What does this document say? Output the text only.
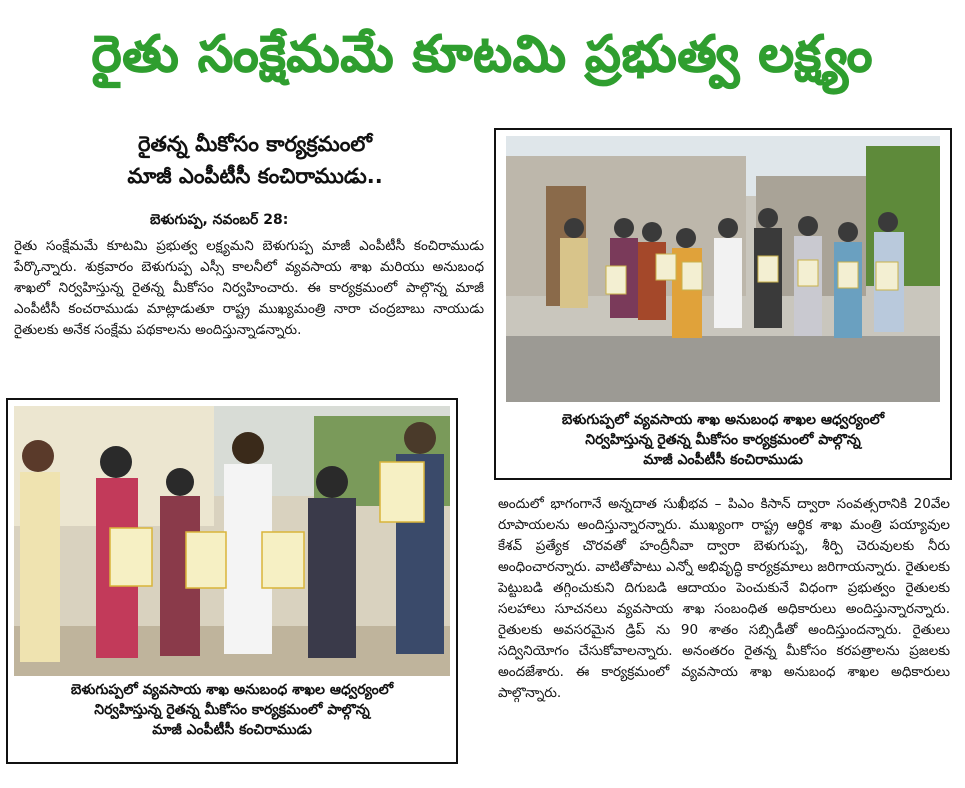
రైతు సంక్షేమమే కూటమి ప్రభుత్వ లక్ష్యం
రైతన్న మీకోసం కార్యక్రమంలో
మాజీ ఎంపీటీసీ కంచిరాముడు..
బెళుగుప్ప, నవంబర్ 28:
రైతు సంక్షేమమే కూటమి ప్రభుత్వ లక్ష్యమని బెళుగుప్ప మాజీ ఎంపీటీసీ కంచిరాముడు పేర్కొన్నారు. శుక్రవారం బెళుగుప్ప ఎస్సీ కాలనీలో వ్యవసాయ శాఖ మరియు అనుబంధ శాఖలో నిర్వహిస్తున్న రైతన్న మీకోసం నిర్వహించారు. ఈ కార్యక్రమంలో పాల్గొన్న మాజీ ఎంపీటీసీ కంచరాముడు మాట్లాడుతూ రాష్ట్ర ముఖ్యమంత్రి నారా చంద్రబాబు నాయుడు రైతులకు అనేక సంక్షేమ పథకాలను అందిస్తున్నాడన్నారు.
బెళుగుప్పలో వ్యవసాయ శాఖ అనుబంధ శాఖల ఆధ్వర్యంలో
నిర్వహిస్తున్న రైతన్న మీకోసం కార్యక్రమంలో పాల్గొన్న
మాజీ ఎంపీటీసీ కంచిరాముడు
అందులో భాగంగానే అన్నదాత సుఖీభవ – పిఎం కిసాన్ ద్వారా సంవత్సరానికి 20వేల రూపాయలను అందిస్తున్నారన్నారు. ముఖ్యంగా రాష్ట్ర ఆర్థిక శాఖ మంత్రి పయ్యావుల కేశవ్ ప్రత్యేక చొరవతో హంద్రీనీవా ద్వారా బెళుగుప్ప, శీర్పి చెరువులకు నీరు అంధించారన్నారు. వాటితోపాటు ఎన్నో అభివృద్ధి కార్యక్రమాలు జరిగాయన్నారు. రైతులకు పెట్టుబడి తగ్గించుకుని దిగుబడి ఆదాయం పెంచుకునే విధంగా ప్రభుత్వం రైతులకు సలహాలు సూచనలు వ్యవసాయ శాఖ సంబంధిత అధికారులు అందిస్తున్నారన్నారు. రైతులకు అవసరమైన డ్రిప్ ను 90 శాతం సబ్సిడీతో అందిస్తుందన్నారు. రైతులు సద్వినియోగం చేసుకోవాలన్నారు. అనంతరం రైతన్న మీకోసం కరపత్రాలను ప్రజలకు అందజేశారు. ఈ కార్యక్రమంలో వ్యవసాయ శాఖ అనుబంధ శాఖల అధికారులు పాల్గొన్నారు.
బెళుగుప్పలో వ్యవసాయ శాఖ అనుబంధ శాఖల ఆధ్వర్యంలో
నిర్వహిస్తున్న రైతన్న మీకోసం కార్యక్రమంలో పాల్గొన్న
మాజీ ఎంపీటీసీ కంచిరాముడు
